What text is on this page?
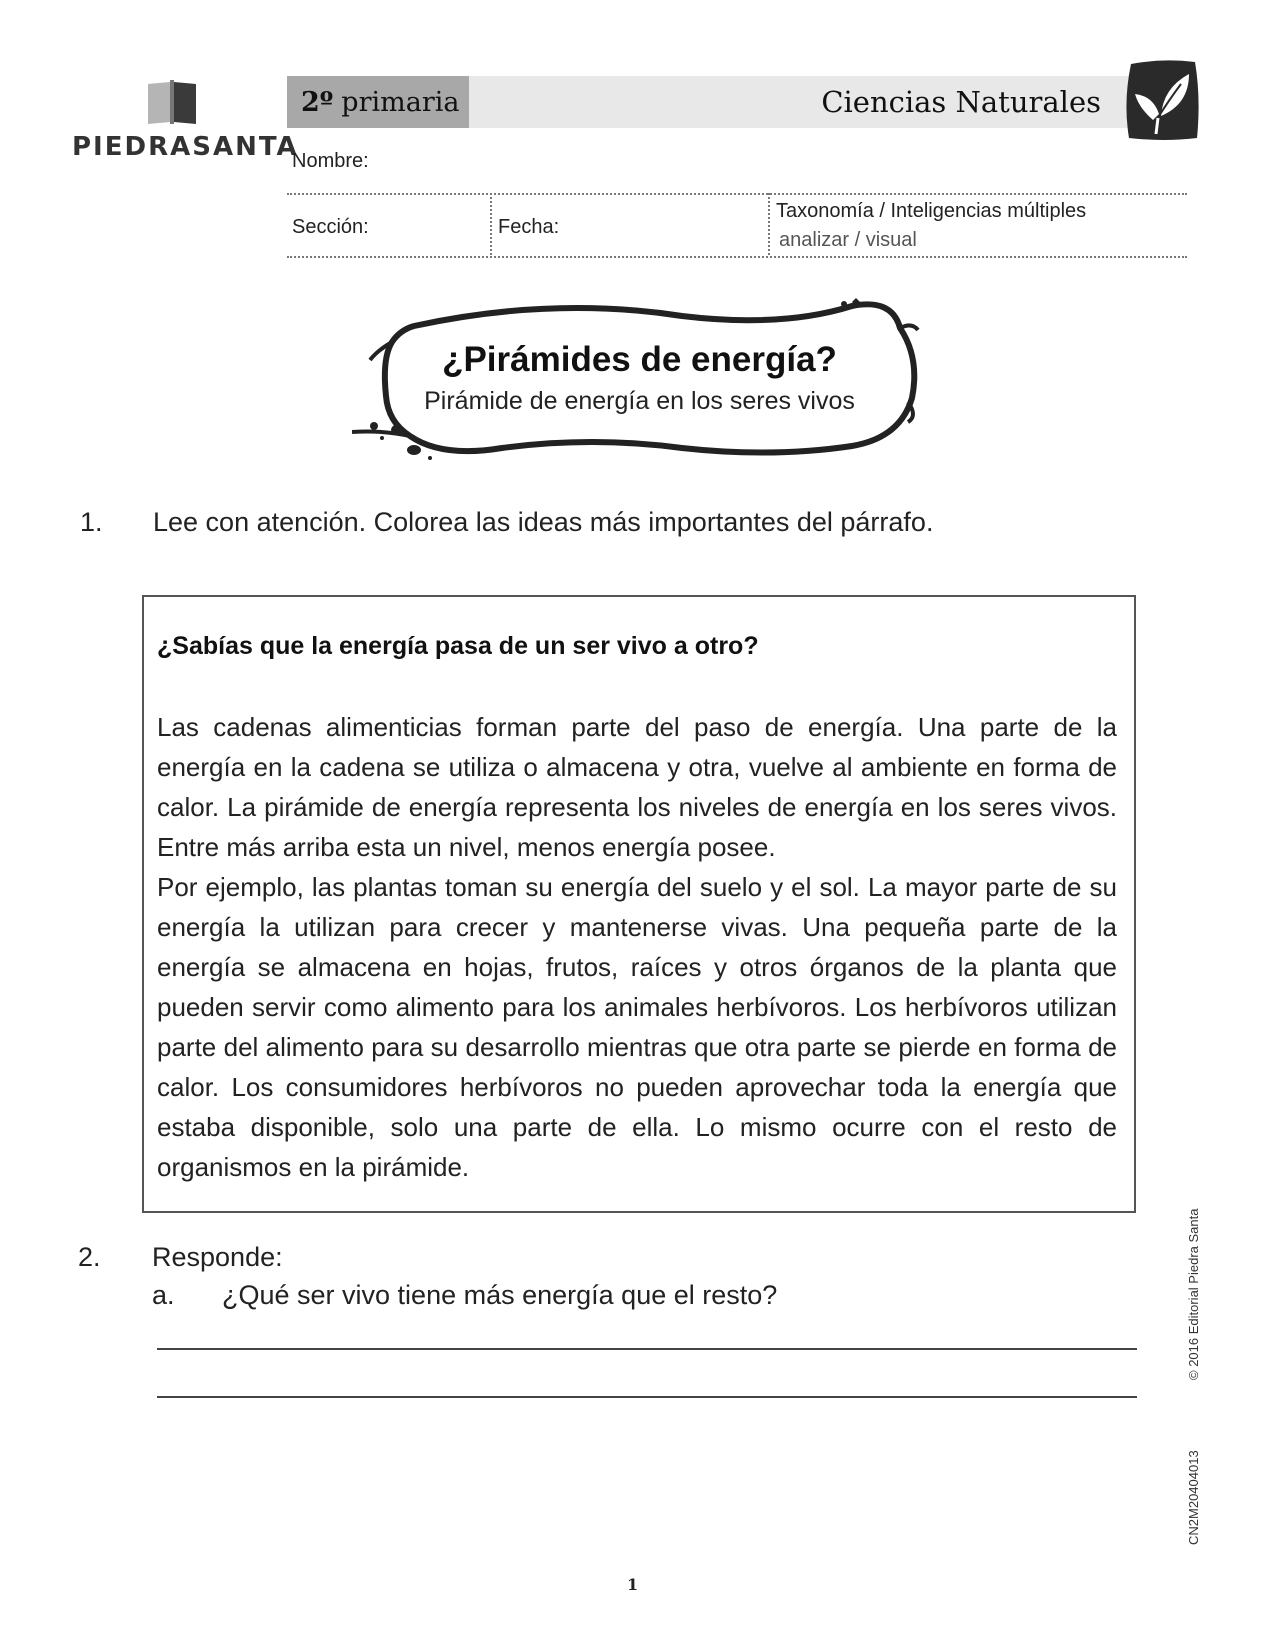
PIEDRASANTA
2º primaria	Ciencias Naturales
Nombre:
Sección:	Fecha:
Taxonomía / Inteligencias múltiples
analizar / visual
¿Pirámides de energía?
Pirámide de energía en los seres vivos
1. Lee con atención. Colorea las ideas más importantes del párrafo.
¿Sabías que la energía pasa de un ser vivo a otro?

Las cadenas alimenticias forman parte del paso de energía. Una parte de la energía en la cadena se utiliza o almacena y otra, vuelve al ambiente en forma de calor. La pirámide de energía representa los niveles de energía en los seres vivos. Entre más arriba esta un nivel, menos energía posee.

Por ejemplo, las plantas toman su energía del suelo y el sol. La mayor parte de su energía la utilizan para crecer y mantenerse vivas. Una pequeña parte de la energía se almacena en hojas, frutos, raíces y otros órganos de la planta que pueden servir como alimento para los animales herbívoros. Los herbívoros utilizan parte del alimento para su desarrollo mientras que otra parte se pierde en forma de calor. Los consumidores herbívoros no pueden aprovechar toda la energía que estaba disponible, solo una parte de ella. Lo mismo ocurre con el resto de organismos en la pirámide.

2. Responde:
a. ¿Qué ser vivo tiene más energía que el resto?	© 2016 Editorial Piedra Santa
CN2M20404013
1
